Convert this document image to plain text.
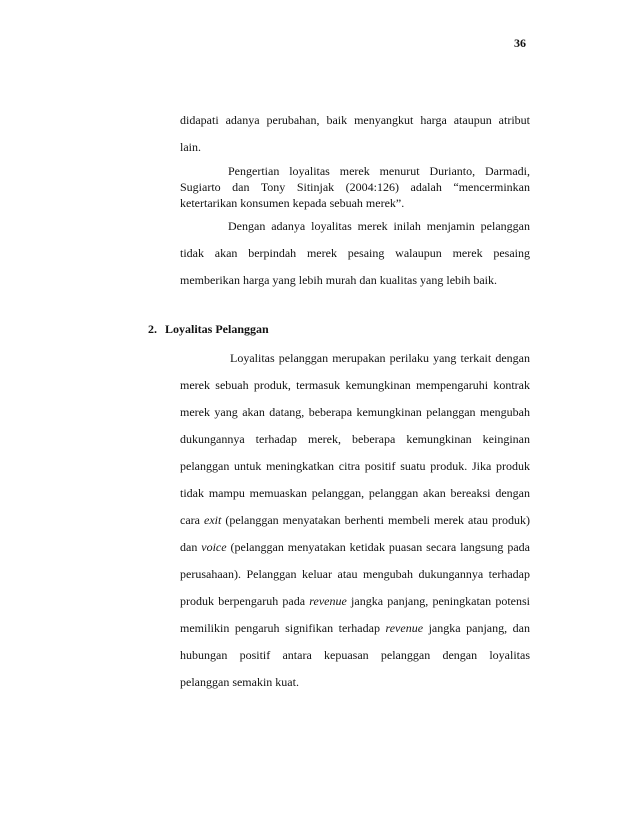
36
didapati adanya perubahan, baik menyangkut harga ataupun atribut
lain.
Pengertian loyalitas merek menurut Durianto, Darmadi,
Sugiarto dan Tony Sitinjak (2004:126) adalah “mencerminkan
ketertarikan konsumen kepada sebuah merek”.
Dengan adanya loyalitas merek inilah menjamin pelanggan
tidak akan berpindah merek pesaing walaupun merek pesaing
memberikan harga yang lebih murah dan kualitas yang lebih baik.
2. Loyalitas Pelanggan
Loyalitas pelanggan merupakan perilaku yang terkait dengan
merek sebuah produk, termasuk kemungkinan mempengaruhi kontrak
merek yang akan datang, beberapa kemungkinan pelanggan mengubah
dukungannya terhadap merek, beberapa kemungkinan keinginan
pelanggan untuk meningkatkan citra positif suatu produk. Jika produk
tidak mampu memuaskan pelanggan, pelanggan akan bereaksi dengan
cara exit (pelanggan menyatakan berhenti membeli merek atau produk)
dan voice (pelanggan menyatakan ketidak puasan secara langsung pada
perusahaan). Pelanggan keluar atau mengubah dukungannya terhadap
produk berpengaruh pada revenue jangka panjang, peningkatan potensi
memilikin pengaruh signifikan terhadap revenue jangka panjang, dan
hubungan positif antara kepuasan pelanggan dengan loyalitas
pelanggan semakin kuat.
